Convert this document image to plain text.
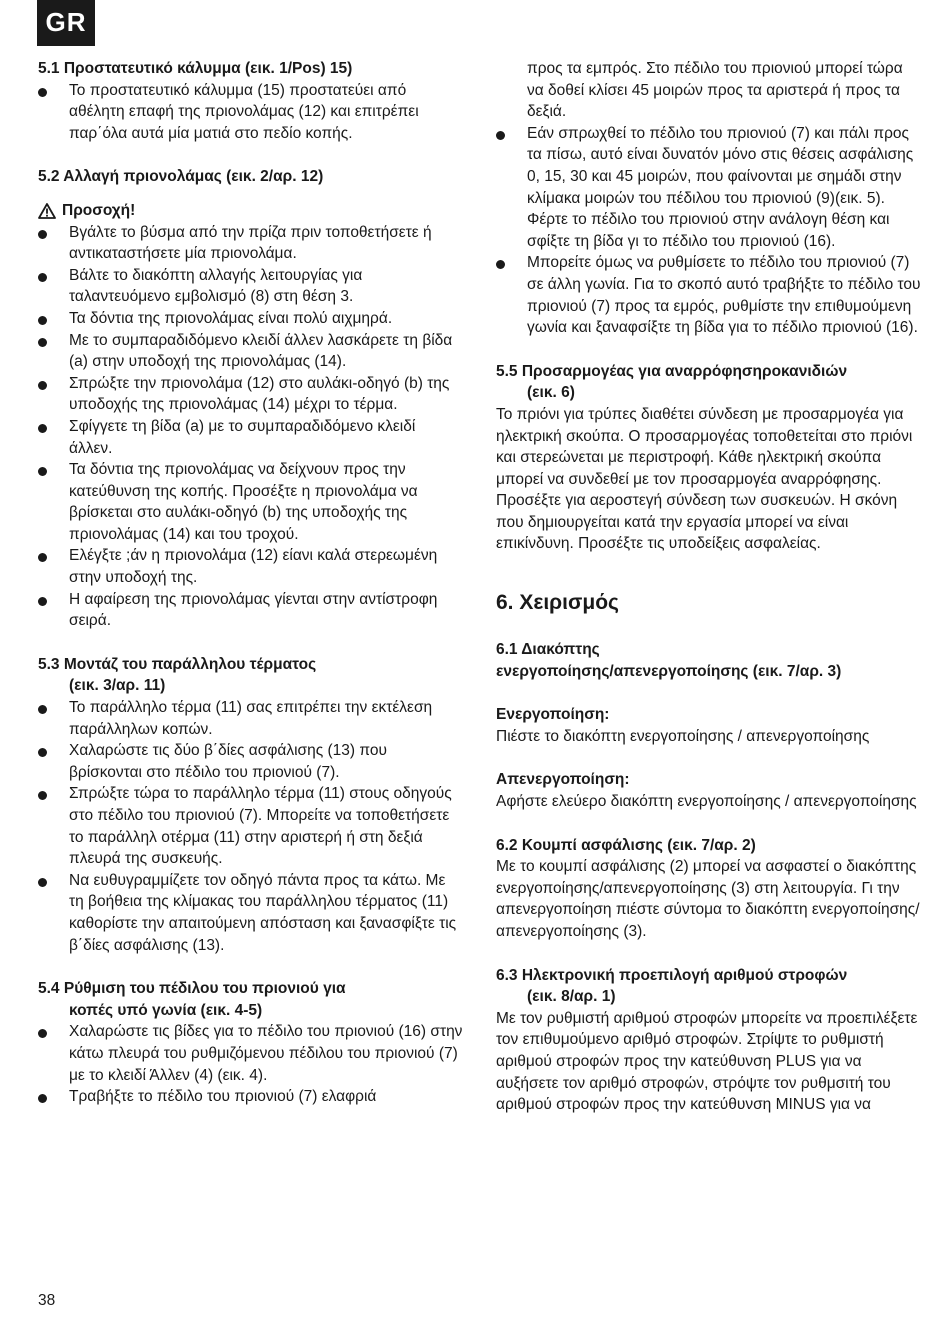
GR

5.1 Προστατευτικό κάλυμμα (εικ. 1/Pos) 15)

Το προστατευτικό κάλυμμα (15) προστατεύει από αθέλητη επαφή της πριονολάμας (12) και επιτρέπει παρ΄όλα αυτά μία ματιά στο πεδίο κοπής.

5.2 Αλλαγή πριονολάμας (εικ. 2/αρ. 12)

Προσοχή!
Βγάλτε το βύσμα από την πρίζα πριν τοποθετήσετε ή αντικαταστήσετε μία πριονολάμα.
Βάλτε το διακόπτη αλλαγής λειτουργίας για ταλαντευόμενο εμβολισμό (8) στη θέση 3.
Τα δόντια της πριονολάμας είναι πολύ αιχμηρά.
Με το συμπαραδιδόμενο κλειδί άλλεν λασκάρετε τη βίδα (a) στην υποδοχή της πριονολάμας (14).
Σπρώξτε την πριονολάμα (12) στο αυλάκι-οδηγό (b) της υποδοχής της πριονολάμας (14) μέχρι το τέρμα.
Σφίγγετε τη βίδα (a) με το συμπαραδιδόμενο κλειδί άλλεν.
Τα δόντια της πριονολάμας να δείχνουν προς την κατεύθυνση της κοπής. Προσέξτε η πριονολάμα να βρίσκεται στο αυλάκι-οδηγό (b) της υποδοχής της πριονολάμας (14) και του τροχού.
Ελέγξτε ;άν η πριονολάμα (12) είανι καλά στερεωμένη στην υποδοχή της.
Η αφαίρεση της πριονολάμας γίενται στην αντίστροφη σειρά.

5.3 Μοντάζ του παράλληλου τέρματος
(εικ. 3/αρ. 11)

Το παράλληλο τέρμα (11) σας επιτρέπει την εκτέλεση παράλληλων κοπών.
Χαλαρώστε τις δύο β΄δίες ασφάλισης (13) που βρίσκονται στο πέδιλο του πριονιού (7).
Σπρώξτε τώρα το παράλληλο τέρμα (11) στους οδηγούς στο πέδιλο του πριονιού (7). Μπορείτε να τοποθετήσετε το παράλληλ οτέρμα (11) στην αριστερή ή στη δεξιά πλευρά της συσκευής.
Να ευθυγραμμίζετε τον οδηγό πάντα προς τα κάτω. Με τη βοήθεια της κλίμακας του παράλληλου τέρματος (11) καθορίστε την απαιτούμενη απόσταση και ξανασφίξτε τις β΄δίες ασφάλισης (13).

5.4 Ρύθμιση του πέδιλου του πριονιού για
κοπές υπό γωνία (εικ. 4-5)

Χαλαρώστε τις βίδες για το πέδιλο του πριονιού (16) στην κάτω πλευρά του ρυθμιζόμενου πέδιλου του πριονιού (7) με το κλειδί Άλλεν (4) (εικ. 4).
Τραβήξτε το πέδιλο του πριονιού (7) ελαφριά

προς τα εμπρός. Στο πέδιλο του πριονιού μπορεί τώρα να δοθεί κλίσει 45 μοιρών προς τα αριστερά ή προς τα δεξιά.

Εάν σπρωχθεί το πέδιλο του πριονιού (7) και πάλι προς τα πίσω, αυτό είναι δυνατόν μόνο στις θέσεις ασφάλισης 0, 15, 30 και 45 μοιρών, που φαίνονται με σημάδι στην κλίμακα μοιρών του πέδιλου του πριονιού (9)(εικ. 5). Φέρτε το πέδιλο του πριονιού στην ανάλογη θέση και σφίξτε τη βίδα γι το πέδιλο του πριονιού (16).
Μπορείτε όμως να ρυθμίσετε το πέδιλο του πριονιού (7) σε άλλη γωνία. Για το σκοπό αυτό τραβήξτε το πέδιλο του πριονιού (7) προς τα εμρός, ρυθμίστε την επιθυμούμενη γωνία και ξαναφσίξτε τη βίδα για το πέδιλο πριονιού (16).

5.5 Προσαρμογέας για αναρρόφησηροκανιδιών
(εικ. 6)

Το πριόνι για τρύπες διαθέτει σύνδεση με προσαρμογέα για ηλεκτρική σκούπα. Ο προσαρμογέας τοποθετείται στο πριόνι και στερεώνεται με περιστροφή. Κάθε ηλεκτρική σκούπα μπορεί να συνδεθεί με τον προσαρμογέα αναρρόφησης. Προσέξτε για αεροστεγή σύνδεση των συσκευών. Η σκόνη που δημιουργείται κατά την εργασία μπορεί να είναι επικίνδυνη. Προσέξτε τις υποδείξεις ασφαλείας.

6. Χειρισμός

6.1 Διακόπτης
ενεργοποίησης/απενεργοποίησης (εικ. 7/αρ. 3)

Ενεργοποίηση:

Πιέστε το διακόπτη ενεργοποίησης / απενεργοποίησης

Απενεργοποίηση:

Αφήστε ελεύερο διακόπτη ενεργοποίησης / απενεργοποίησης

6.2 Κουμπί ασφάλισης (εικ. 7/αρ. 2)

Με το κουμπί ασφάλισης (2) μπορεί να ασφαστεί ο διακόπτης ενεργοποίησης/απενεργοποίησης (3) στη λειτουργία. Γι την απενεργοποίηση πιέστε σύντομα το διακόπτη ενεργοποίησης/απενεργοποίησης (3).

6.3 Ηλεκτρονική προεπιλογή αριθμού στροφών
(εικ. 8/αρ. 1)

Με τον ρυθμιστή αριθμού στροφών μπορείτε να προεπιλέξετε τον επιθυμούμενο αριθμό στροφών. Στρίψτε το ρυθμιστή αριθμού στροφών προς την κατεύθυνση PLUS για να αυξήσετε τον αριθμό στροφών, στρόψτε τον ρυθμσιτή του αριθμού στροφών προς την κατεύθυνση MINUS για να

38
